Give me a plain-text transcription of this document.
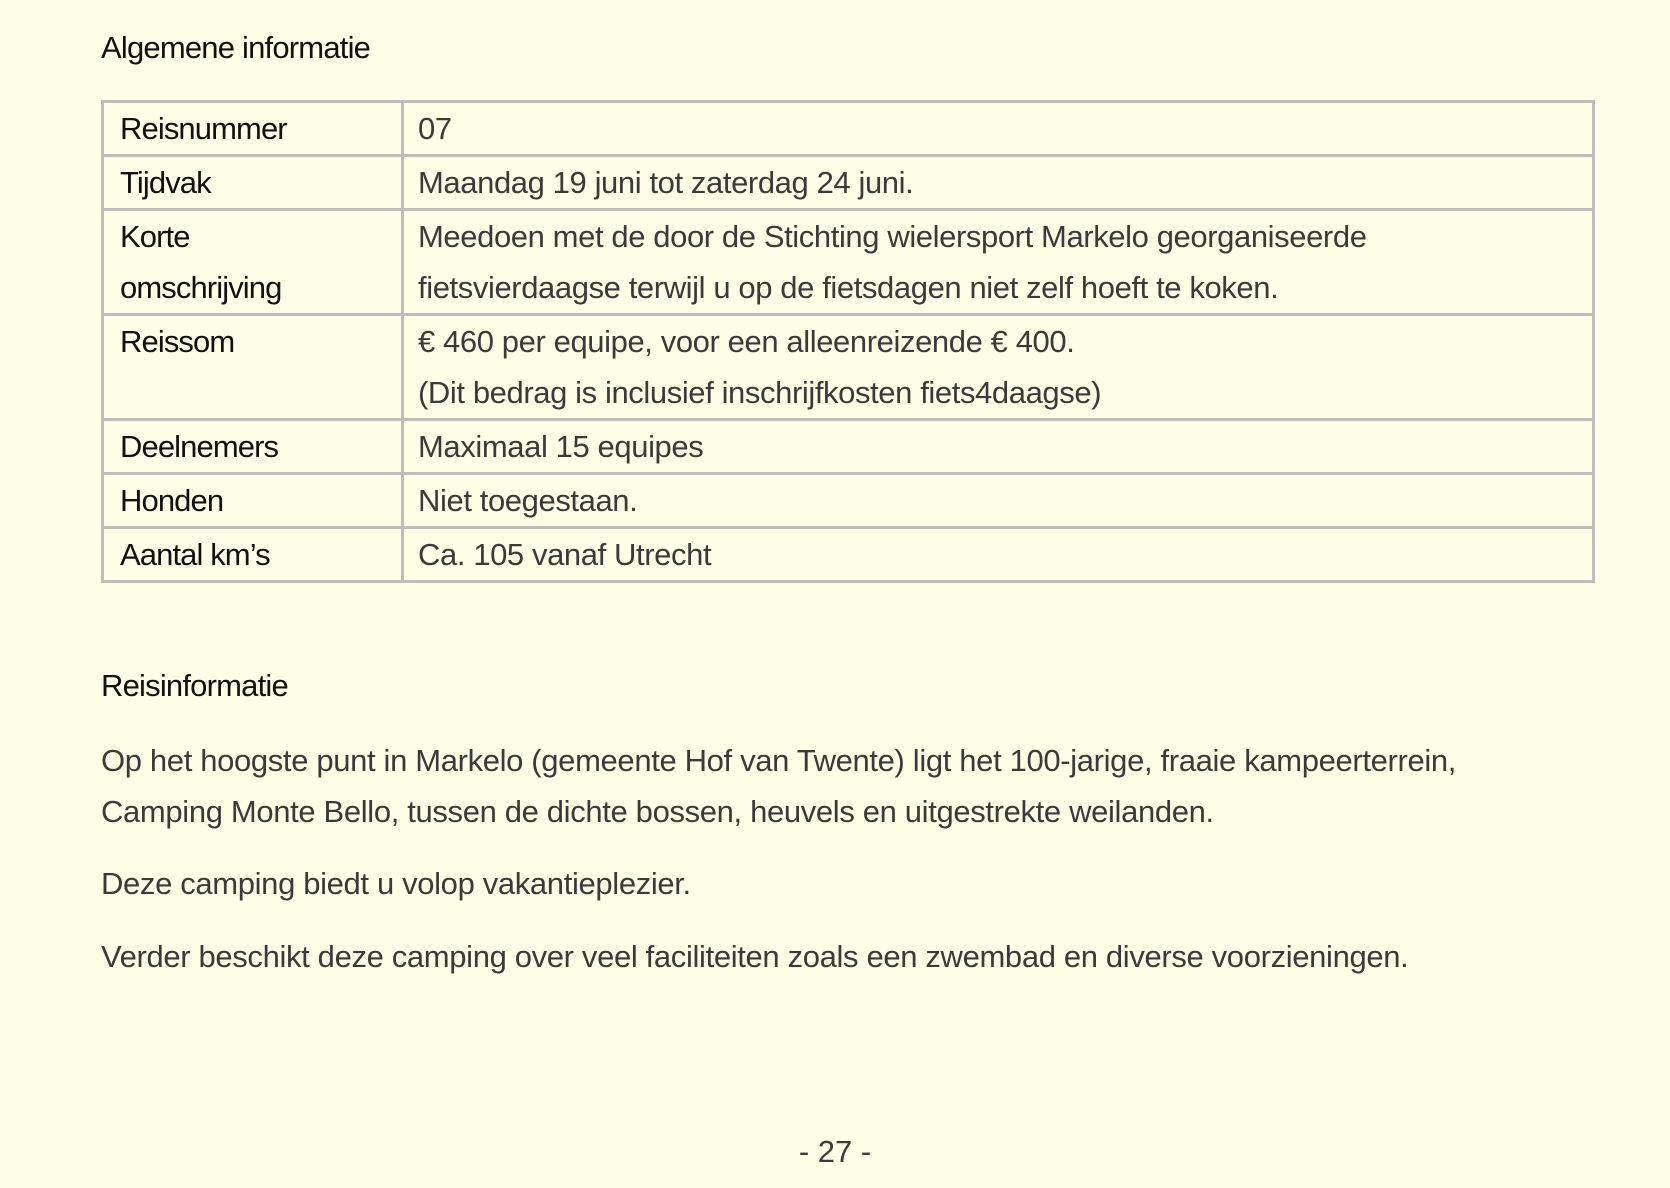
Algemene informatie
Reisnummer	07

Tijdvak	Maandag 19 juni tot zaterdag 24 juni.

Korte
omschrijving	Meedoen met de door de Stichting wielersport Markelo georganiseerde
fietsvierdaagse terwijl u op de fietsdagen niet zelf hoeft te koken.

Reissom	€ 460 per equipe, voor een alleenreizende € 400.
(Dit bedrag is inclusief inschrijfkosten fiets4daagse)

Deelnemers	Maximaal 15 equipes

Honden	Niet toegestaan.

Aantal km’s	Ca. 105 vanaf Utrecht
Reisinformatie
Op het hoogste punt in Markelo (gemeente Hof van Twente) ligt het 100-jarige, fraaie kampeerterrein,
Camping Monte Bello, tussen de dichte bossen, heuvels en uitgestrekte weilanden.
Deze camping biedt u volop vakantieplezier.
Verder beschikt deze camping over veel faciliteiten zoals een zwembad en diverse voorzieningen.
- 27 -
